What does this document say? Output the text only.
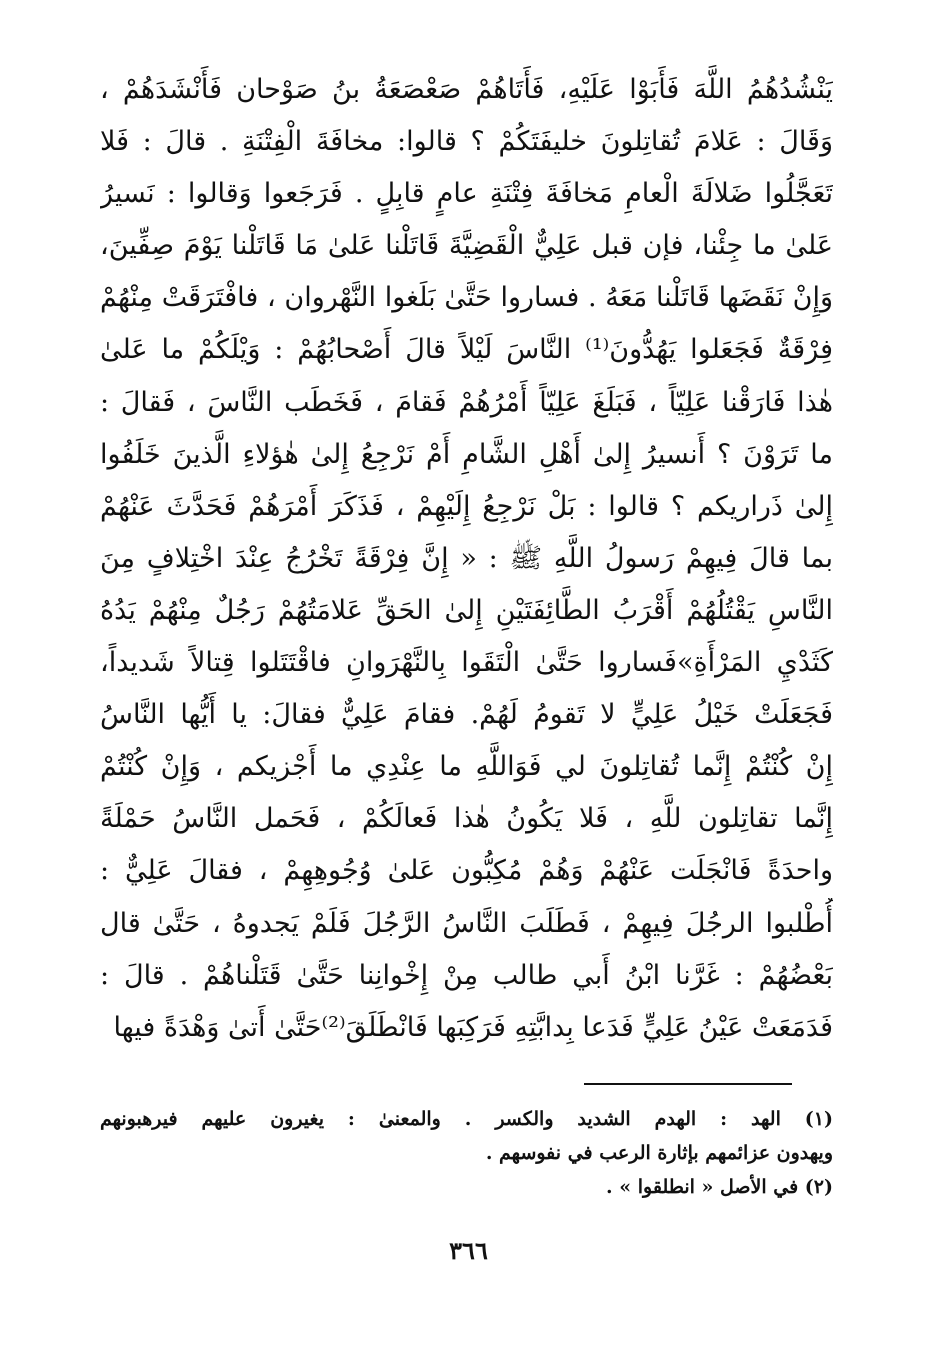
يَنْشُدُهُمُ اللَّهَ فَأَبَوْا عَلَيْهِ، فَأَتَاهُمْ صَعْصَعَةُ بنُ صَوْحان فَأَنْشَدَهُمْ ،
وَقَالَ : عَلامَ تُقاتِلونَ خليفَتَكُمْ ؟ قالوا: مخافَةَ الْفِتْنَةِ . قالَ : فَلا
تَعَجَّلُوا ضَلالَةَ الْعامِ مَخافَةَ فِتْنَةِ عامٍ قابِلٍ . فَرَجَعوا وَقالوا : نَسيرُ
عَلىٰ ما جِئْنا، فإن قبل عَلِيٌّ الْقَضِيَّةَ قَاتَلْنا عَلىٰ مَا قَاتَلْنا يَوْمَ صِفِّينَ،
وَإِنْ نَقَضَها قَاتَلْنا مَعَهُ . فساروا حَتَّىٰ بَلَغوا النَّهْروان ، فافْتَرَقَتْ مِنْهُمْ
فِرْقَةٌ فَجَعَلوا يَهُدُّونَ⁽¹⁾ النَّاسَ لَيْلاً قالَ أَصْحابُهُمْ : وَيْلَكُمْ ما عَلىٰ
هٰذا فَارَقْنا عَلِيّاً ، فَبَلَغَ عَلِيّاً أَمْرُهُمْ فَقامَ ، فَخَطَب النَّاسَ ، فَقالَ :
ما تَرَوْنَ ؟ أَنسيرُ إِلىٰ أَهْلِ الشَّامِ أَمْ نَرْجِعُ إِلىٰ هٰؤلاءِ الَّذينَ خَلَفُوا
إِلىٰ ذَراريكم ؟ قالوا : بَلْ نَرْجِعُ إِلَيْهِمْ ، فَذَكَرَ أَمْرَهُمْ فَحَدَّثَ عَنْهُمْ
بما قالَ فِيهِمْ رَسولُ اللَّهِ ﷺ : « إِنَّ فِرْقَةً تَخْرُجُ عِنْدَ اخْتِلافٍ مِنَ
النَّاسِ يَقْتُلُهُمْ أَقْرَبُ الطَّائِفَتَيْنِ إِلىٰ الحَقِّ عَلامَتُهُمْ رَجُلٌ مِنْهُمْ يَدُهُ
كَثَدْيِ المَرْأَةِ»فَساروا حَتَّىٰ الْتَقَوا بِالنَّهْرَوانِ فاقْتَتَلوا قِتالاً شَديداً،
فَجَعَلَتْ خَيْلُ عَلِيٍّ لا تَقومُ لَهُمْ. فقامَ عَلِيٌّ فقالَ: يا أَيُّها النَّاسُ
إِنْ كُنْتُمْ إِنَّما تُقاتِلونَ لي فَوَاللَّهِ ما عِنْدِي ما أَجْزيكم ، وَإِنْ كُنْتُمْ
إِنَّما تقاتِلون للَّهِ ، فَلا يَكُونُ هٰذا فَعالَكُمْ ، فَحَمل النَّاسُ حَمْلَةً
واحدَةً فَانْجَلَت عَنْهُمْ وَهُمْ مُكِبُّون عَلىٰ وُجُوهِهِمْ ، فقالَ عَلِيٌّ :
أُطْلبوا الرجُلَ فِيهِمْ ، فَطَلَبَ النَّاسُ الرَّجُلَ فَلَمْ يَجدوهُ ، حَتَّىٰ قال
بَعْضُهُمْ : غَرَّنا ابْنُ أَبي طالب مِنْ إِخْوانِنا حَتَّىٰ قَتَلْناهُمْ . قالَ :
فَدَمَعَتْ عَيْنُ عَلِيٍّ فَدَعا بِدابَّتِهِ فَرَكِبَها فَانْطَلَقَ⁽²⁾حَتَّىٰ أَتىٰ وَهْدَةً فيها
(١) الهد : الهدم الشديد والكسر . والمعنىٰ : يغيرون عليهم فيرهبونهم
ويهدون عزائمهم بإثارة الرعب في نفوسهم .
(٢) في الأصل « انطلقوا » .
٣٦٦
